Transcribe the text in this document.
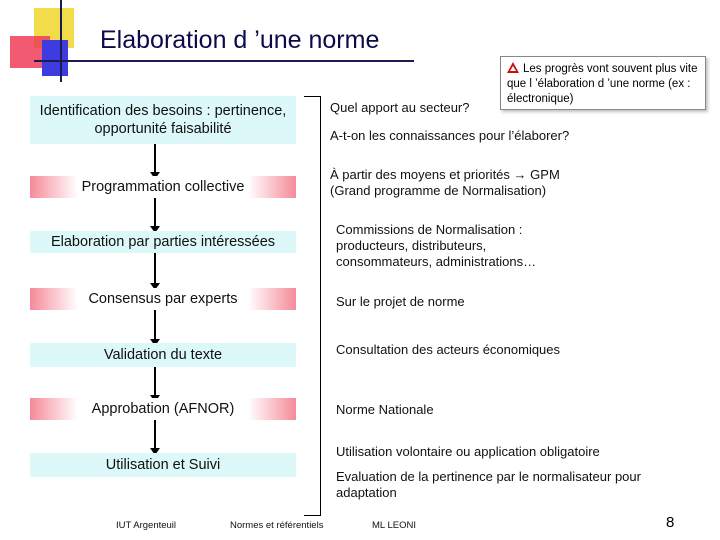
Elaboration d ’une norme
Les progrès vont souvent plus vite que l ’élaboration d ’une norme (ex : électronique)
Identification des besoins : pertinence, opportunité faisabilité
Programmation collective
Elaboration par parties intéressées
Consensus par experts
Validation du texte
Approbation (AFNOR)
Utilisation et Suivi
Quel apport au secteur?
A-t-on les connaissances pour l’élaborer?
À partir des moyens et priorités → GPM
(Grand programme de Normalisation)
Commissions de Normalisation : producteurs, distributeurs, consommateurs, administrations…
Sur le projet de norme
Consultation des acteurs économiques
Norme Nationale
Utilisation volontaire ou application obligatoire
Evaluation de la pertinence par le normalisateur pour adaptation
IUT Argenteuil	Normes et référentiels	ML LEONI	8
